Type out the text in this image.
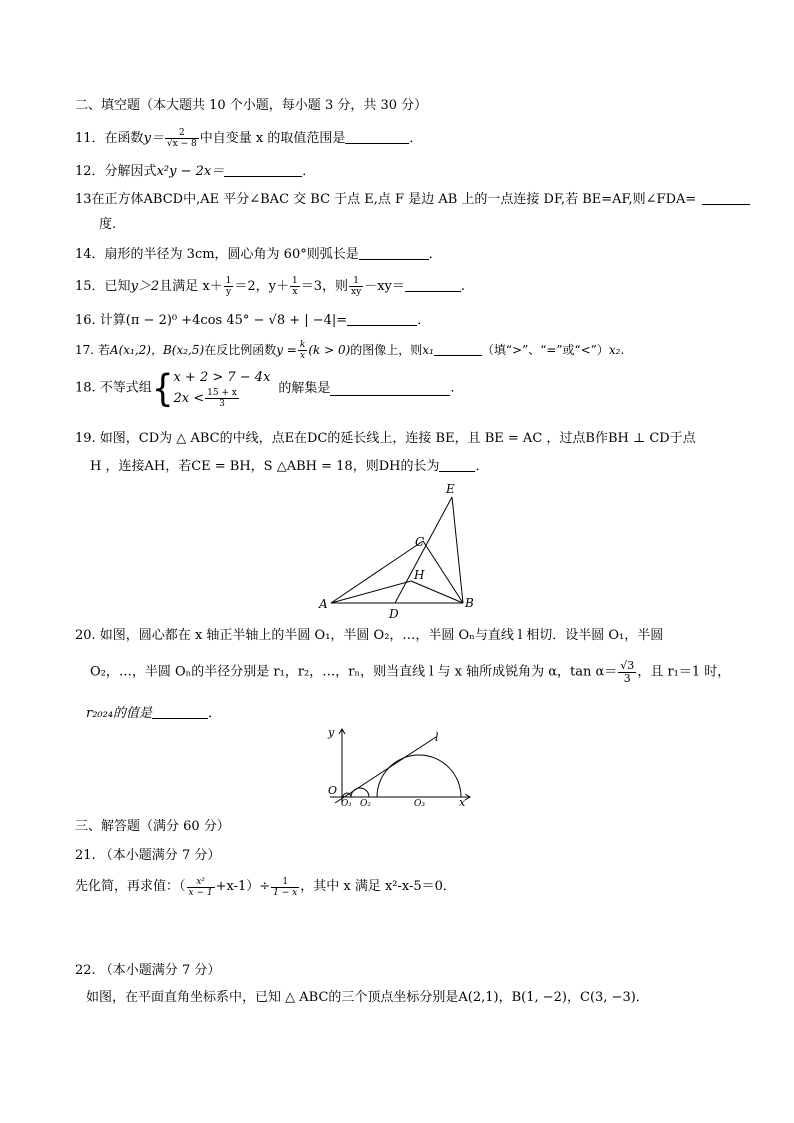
二、填空题（本大题共 10 个小题，每小题 3 分，共 30 分）
11．在函数$y= \frac{2}{√x - 8}$ 中自变量 x 的取值范围是	．
12．分解因式x²y − 2x＝	．
13在正方体ABCD中,AE 平分∠BAC 交 BC 于点 E,点 F 是边 AB 上的一点连接 DF,若 BE=AF,则∠FDA=
度.
14．扇形的半径为 3cm，圆心角为 60°则弧长是	．
15．已知y＞2且满足 $x+ \frac{1}{y} =2$，$y+ \frac{1}{x} =3$，则 $\frac{1}{xy} -xy=$	.
16. 计算(π − 2)⁰ +4cos 45° − √8 + | −4|=	．
17. 若A(x₁,2)，B(x₂,5)在反比例函数$y = \frac{k}{x} (k > 0)$的图像上，则x₁	（填“>”、“=”或“<”）x₂.
18. 不等式组{ x + 2 > 7 − 4x
$2x < \frac{15 + x}{3}$	的解集是	．
19. 如图，CD为 △ ABC的中线，点E在DC的延长线上，连接 BE，且 BE = AC ，过点B作BH ⊥ CD于点
H ，连接AH，若CE = BH，S △ABH = 18，则DH的长为	．
A	B
C
D
E
H
20. 如图，圆心都在 x 轴正半轴上的半圆 O₁，半圆 O₂，…，半圆 Oₙ与直线 l 相切．设半圆 O₁，半圆
O₂，…，半圆 Oₙ的半径分别是 r₁，r₂，…，rₙ，则当直线 l 与 x 轴所成锐角为 α，$\tan \alpha= \frac{√3}{3}$ ，且 r₁＝1 时，
r₂₀₂₄的值是	．
y
x
l
O
O₁ O₂	O₃
三、解答题（满分 60 分）
21. （本小题满分 7 分）
先化简，再求值：（ $\frac{\text{x²}}{x - 1} +x-1)\div \frac{1}{1 - x}$ ，其中 x 满足 x²-x-5＝0．
22. （本小题满分 7 分）
如图，在平面直角坐标系中，已知 △ ABC的三个顶点坐标分别是A(2,1)，B(1, −2)，C(3, −3)．
